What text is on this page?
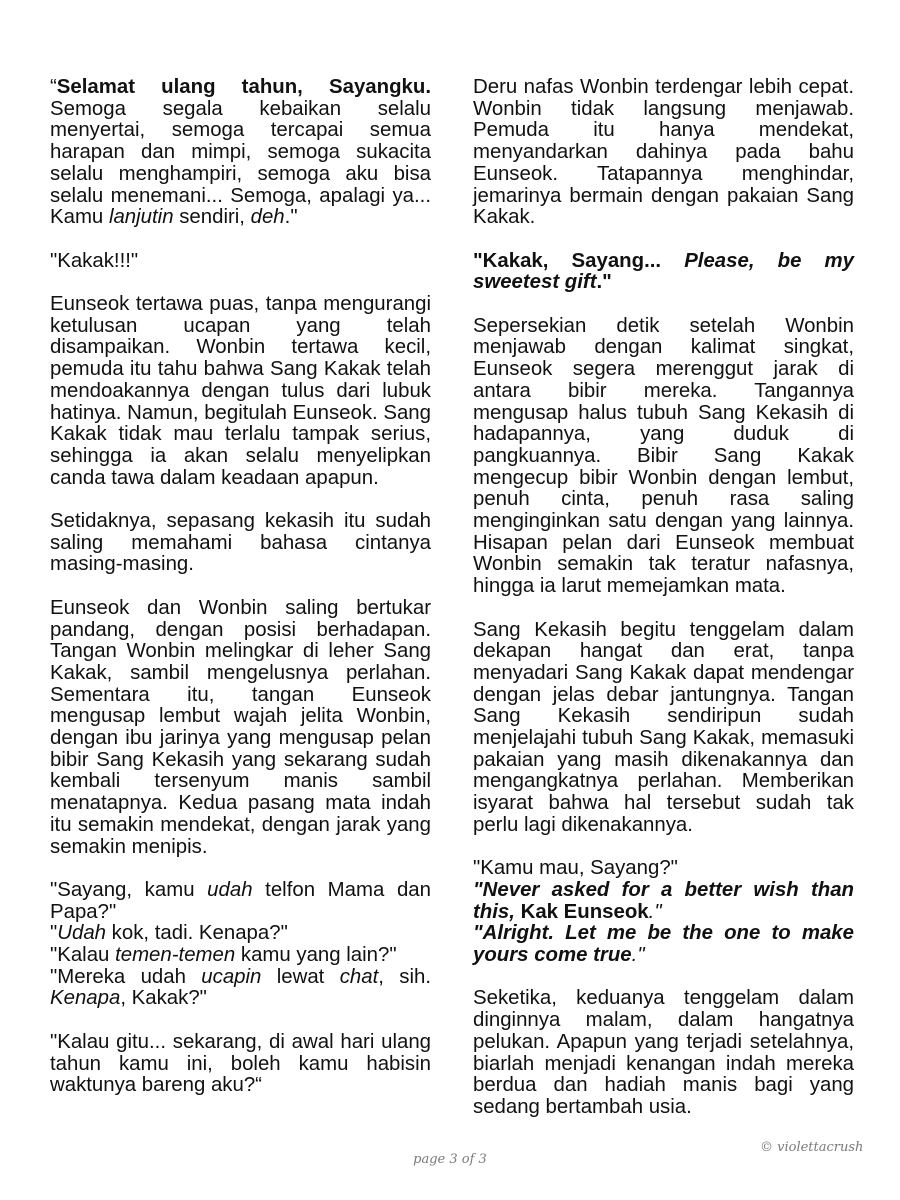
“Selamat ulang tahun, Sayangku. Semoga segala kebaikan selalu menyertai, semoga tercapai semua harapan dan mimpi, semoga sukacita selalu menghampiri, semoga aku bisa selalu menemani... Semoga, apalagi ya... Kamu lanjutin sendiri, deh."

"Kakak!!!"

Eunseok tertawa puas, tanpa mengurangi ketulusan ucapan yang telah disampaikan. Wonbin tertawa kecil, pemuda itu tahu bahwa Sang Kakak telah mendoakannya dengan tulus dari lubuk hatinya. Namun, begitulah Eunseok. Sang Kakak tidak mau terlalu tampak serius, sehingga ia akan selalu menyelipkan canda tawa dalam keadaan apapun.

Setidaknya, sepasang kekasih itu sudah saling memahami bahasa cintanya masing-masing.

Eunseok dan Wonbin saling bertukar pandang, dengan posisi berhadapan. Tangan Wonbin melingkar di leher Sang Kakak, sambil mengelusnya perlahan. Sementara itu, tangan Eunseok mengusap lembut wajah jelita Wonbin, dengan ibu jarinya yang mengusap pelan bibir Sang Kekasih yang sekarang sudah kembali tersenyum manis sambil menatapnya. Kedua pasang mata indah itu semakin mendekat, dengan jarak yang semakin menipis.

"Sayang, kamu udah telfon Mama dan Papa?"

"Udah kok, tadi. Kenapa?"

"Kalau temen-temen kamu yang lain?"

"Mereka udah ucapin lewat chat, sih. Kenapa, Kakak?"

"Kalau gitu... sekarang, di awal hari ulang tahun kamu ini, boleh kamu habisin waktunya bareng aku?“

Deru nafas Wonbin terdengar lebih cepat. Wonbin tidak langsung menjawab. Pemuda itu hanya mendekat, menyandarkan dahinya pada bahu Eunseok. Tatapannya menghindar, jemarinya bermain dengan pakaian Sang Kakak.

"Kakak, Sayang... Please, be my sweetest gift."

Sepersekian detik setelah Wonbin menjawab dengan kalimat singkat, Eunseok segera merenggut jarak di antara bibir mereka. Tangannya mengusap halus tubuh Sang Kekasih di hadapannya, yang duduk di pangkuannya. Bibir Sang Kakak mengecup bibir Wonbin dengan lembut, penuh cinta, penuh rasa saling menginginkan satu dengan yang lainnya. Hisapan pelan dari Eunseok membuat Wonbin semakin tak teratur nafasnya, hingga ia larut memejamkan mata.

Sang Kekasih begitu tenggelam dalam dekapan hangat dan erat, tanpa menyadari Sang Kakak dapat mendengar dengan jelas debar jantungnya. Tangan Sang Kekasih sendiripun sudah menjelajahi tubuh Sang Kakak, memasuki pakaian yang masih dikenakannya dan mengangkatnya perlahan. Memberikan isyarat bahwa hal tersebut sudah tak perlu lagi dikenakannya.

"Kamu mau, Sayang?"

"Never asked for a better wish than this, Kak Eunseok."

"Alright. Let me be the one to make yours come true."

Seketika, keduanya tenggelam dalam dinginnya malam, dalam hangatnya pelukan. Apapun yang terjadi setelahnya, biarlah menjadi kenangan indah mereka berdua dan hadiah manis bagi yang sedang bertambah usia.

© violettacrush
page 3 of 3
